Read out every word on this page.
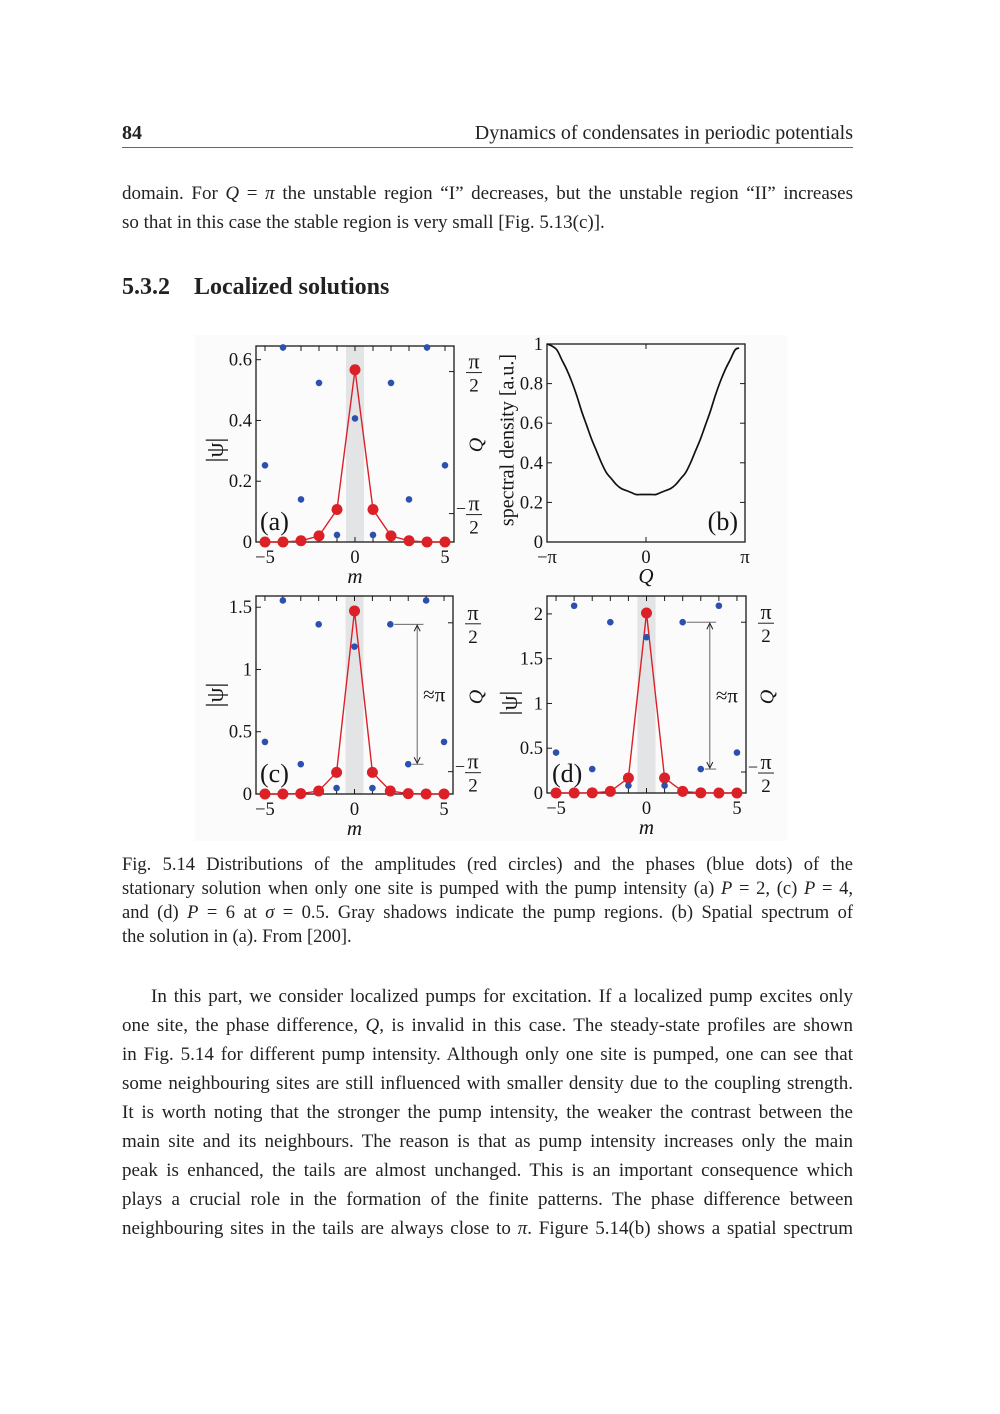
84	Dynamics of condensates in periodic potentials
domain. For Q = π the unstable region “I” decreases, but the unstable region “II” increases
so that in this case the stable region is very small [Fig. 5.13(c)].
5.3.2 Localized solutions
−5	0	5
0
0.2
0.4
0.6	π
2
− π
2
m
|ψ|	Q
(a)
−π	0	π
0
0.2
0.4
0.6
0.8
1
Q
spectral density [a.u.]	(b)
−5	0	5
0
0.5
1
1.5	π
2
− π
2
m
|ψ|	Q
≈π
(c)
−5	0	5
0
0.5
1
1.5
2	π
2
− π
2
m
|ψ|	Q
≈π
(d)
Fig. 5.14 Distributions of the amplitudes (red circles) and the phases (blue dots) of the
stationary solution when only one site is pumped with the pump intensity (a) P = 2, (c) P = 4,
and (d) P = 6 at σ = 0.5. Gray shadows indicate the pump regions. (b) Spatial spectrum of
the solution in (a). From [200].
In this part, we consider localized pumps for excitation. If a localized pump excites only
one site, the phase difference, Q, is invalid in this case. The steady-state profiles are shown
in Fig. 5.14 for different pump intensity. Although only one site is pumped, one can see that
some neighbouring sites are still influenced with smaller density due to the coupling strength.
It is worth noting that the stronger the pump intensity, the weaker the contrast between the
main site and its neighbours. The reason is that as pump intensity increases only the main
peak is enhanced, the tails are almost unchanged. This is an important consequence which
plays a crucial role in the formation of the finite patterns. The phase difference between
neighbouring sites in the tails are always close to π. Figure 5.14(b) shows a spatial spectrum
